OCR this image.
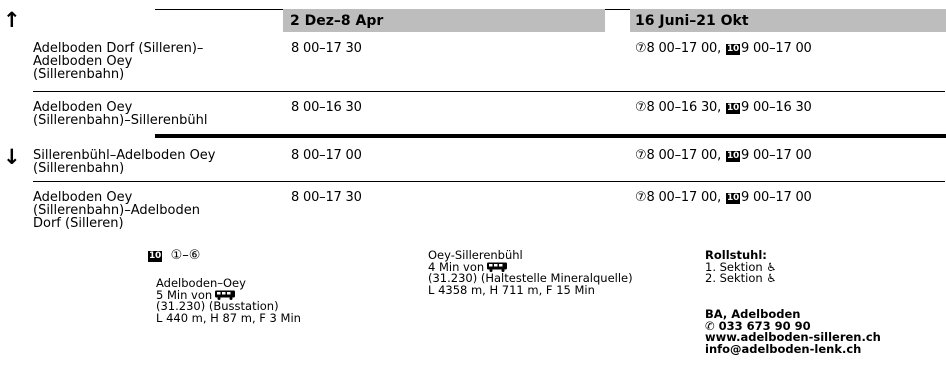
2 Dez–8 Apr	16 Juni–21 Okt
↑
↓
Adelboden Dorf (Silleren)–
Adelboden Oey
(Sillerenbahn)
8 00–17 30	⑦8 00–17 00, 10 9 00–17 00
Adelboden Oey
(Sillerenbahn)–Sillerenbühl
8 00–16 30	⑦8 00–16 30, 10 9 00–16 30
Sillerenbühl–Adelboden Oey
(Sillerenbahn)
8 00–17 00	⑦8 00–17 00, 10 9 00–17 00
Adelboden Oey
(Sillerenbahn)–Adelboden
Dorf (Silleren)
8 00–17 30	⑦8 00–17 00, 10 9 00–17 00
10 ①–⑥
Adelboden–Oey
5 Min von
(31.230) (Busstation)
L 440 m, H 87 m, F 3 Min
Oey-Sillerenbühl
4 Min von
(31.230) (Haltestelle Mineralquelle)
L 4358 m, H 711 m, F 15 Min
Rollstuhl:
1. Sektion ♿
2. Sektion ♿
BA, Adelboden
✆ 033 673 90 90
www.adelboden-silleren.ch
info@adelboden-lenk.ch
